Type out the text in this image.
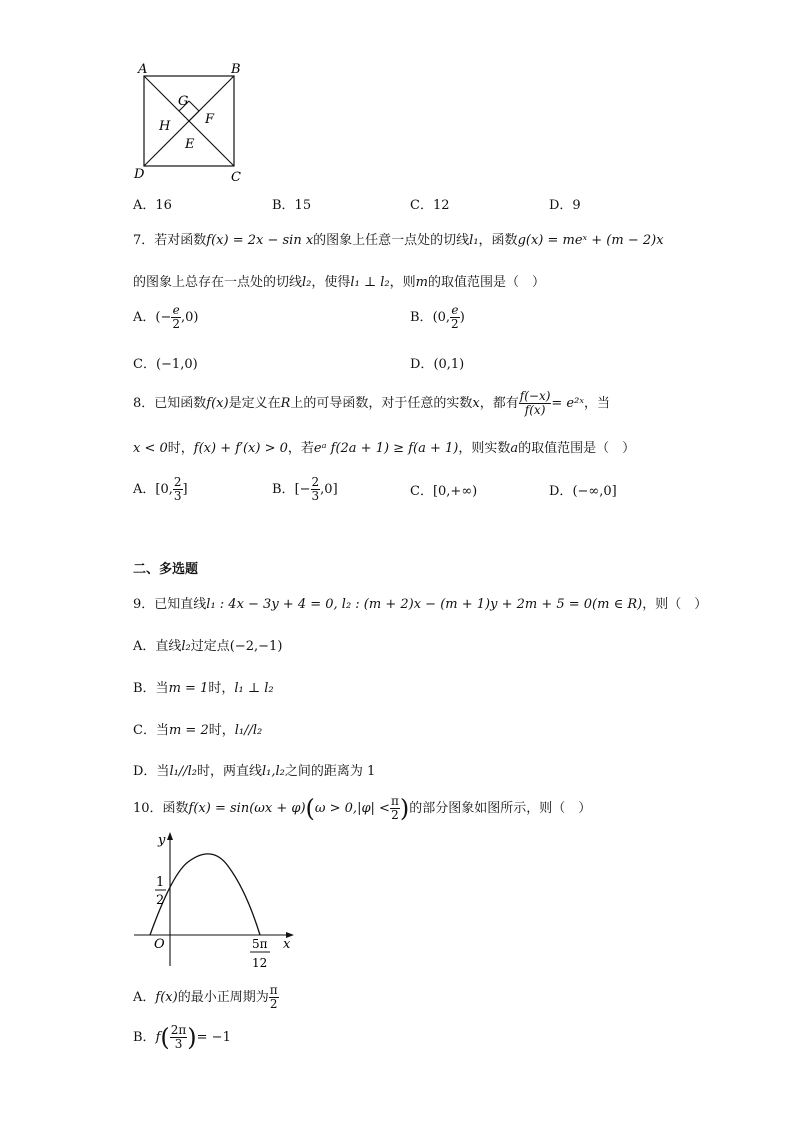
A	B
C
D
G
H	F
E
A．16	B．15	C．12	D．9
7．若对函数f(x) = 2x − sin x的图象上任意一点处的切线l₁，函数g(x) = meˣ + (m − 2)x
的图象上总存在一点处的切线l₂，使得l₁ ⊥ l₂，则m的取值范围是（　）
A．(− $\frac{e}{2} ,0$)	B．(0, $\frac{e}{2}$ )
C．(−1,0)	D．(0,1)
8．已知函数f(x)是定义在R上的可导函数，对于任意的实数x，都有 $\frac{f(-x)}{f(x)}$ = e²ˣ，当
x < 0时，f(x) + f′(x) > 0，若eᵃ f(2a + 1) ≥ f(a + 1)，则实数a的取值范围是（　）
A．[0, $\frac{2}{3}$ ]	B．[− $\frac{2}{3} ,0$]	C．[0,+∞)	D．(−∞,0]
二、多选题
9．已知直线l₁ : 4x − 3y + 4 = 0, l₂ : (m + 2)x − (m + 1)y + 2m + 5 = 0(m ∈ R)，则（　）
A．直线l₂过定点(−2,−1)
B．当m = 1时，l₁ ⊥ l₂
C．当m = 2时，l₁//l₂
D．当l₁//l₂时，两直线l₁,l₂之间的距离为 1
10．函数$f(x) = \sin(\omega x + \varphi)(\omega > 0,|\varphi| < \frac{\pi}{2}$ )的部分图象如图所示，则（　）
y
x
O
1
2
5π
12
A．f(x)的最小正周期为 $\frac{\pi}{2}$
B．$f( \frac{2\pi}{3}$ )= −1
